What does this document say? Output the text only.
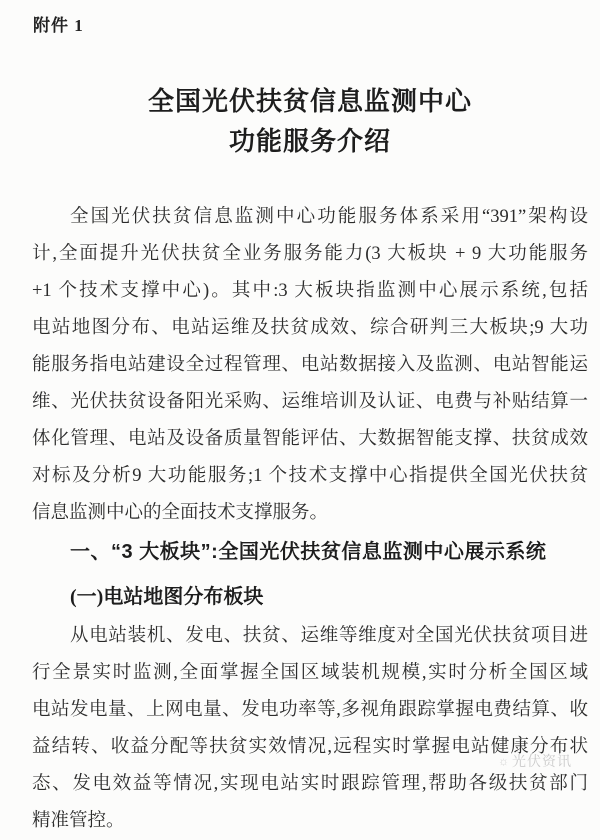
附件 1
全国光伏扶贫信息监测中心
功能服务介绍
全国光伏扶贫信息监测中心功能服务体系采用“391”架构设
计,全面提升光伏扶贫全业务服务能力(3 大板块 + 9 大功能服务
+1 个技术支撑中心)。其中:3 大板块指监测中心展示系统,包括
电站地图分布、电站运维及扶贫成效、综合研判三大板块;9 大功
能服务指电站建设全过程管理、电站数据接入及监测、电站智能运
维、光伏扶贫设备阳光采购、运维培训及认证、电费与补贴结算一
体化管理、电站及设备质量智能评估、大数据智能支撑、扶贫成效
对标及分析9 大功能服务;1 个技术支撑中心指提供全国光伏扶贫
信息监测中心的全面技术支撑服务。
一、“3 大板块”:全国光伏扶贫信息监测中心展示系统
(一)电站地图分布板块
☼ 光伏资讯
从电站装机、发电、扶贫、运维等维度对全国光伏扶贫项目进
行全景实时监测,全面掌握全国区域装机规模,实时分析全国区域
电站发电量、上网电量、发电功率等,多视角跟踪掌握电费结算、收
益结转、收益分配等扶贫实效情况,远程实时掌握电站健康分布状
态、发电效益等情况,实现电站实时跟踪管理,帮助各级扶贫部门
精准管控。
